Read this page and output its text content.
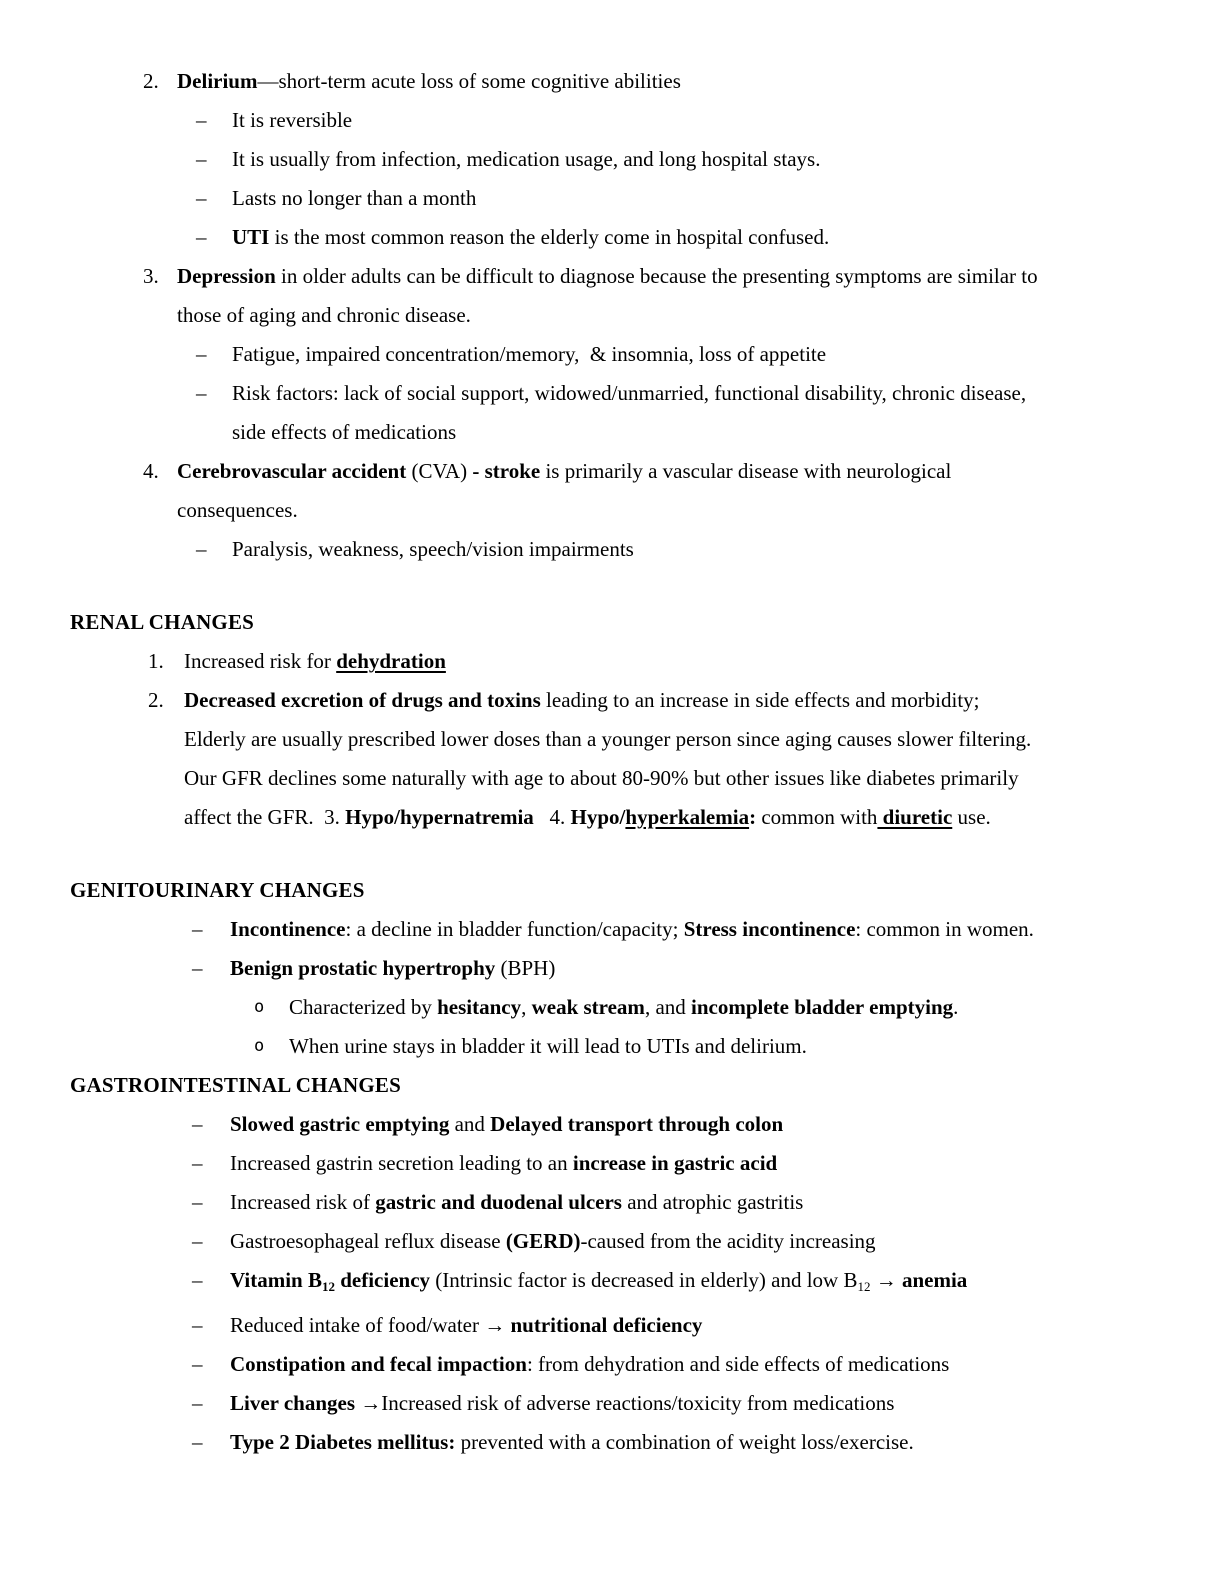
2. Delirium—short-term acute loss of some cognitive abilities
– It is reversible
– It is usually from infection, medication usage, and long hospital stays.
– Lasts no longer than a month
– UTI is the most common reason the elderly come in hospital confused.
3. Depression in older adults can be difficult to diagnose because the presenting symptoms are similar to
those of aging and chronic disease.
– Fatigue, impaired concentration/memory,  & insomnia, loss of appetite
– Risk factors: lack of social support, widowed/unmarried, functional disability, chronic disease,
side effects of medications
4. Cerebrovascular accident (CVA) - stroke is primarily a vascular disease with neurological
consequences.
– Paralysis, weakness, speech/vision impairments
RENAL CHANGES
1. Increased risk for dehydration
2. Decreased excretion of drugs and toxins leading to an increase in side effects and morbidity;
Elderly are usually prescribed lower doses than a younger person since aging causes slower filtering.
Our GFR declines some naturally with age to about 80-90% but other issues like diabetes primarily
affect the GFR.  3. Hypo/hypernatremia   4. Hypo/hyperkalemia: common with diuretic use.
GENITOURINARY CHANGES
– Incontinence: a decline in bladder function/capacity; Stress incontinence: common in women.
– Benign prostatic hypertrophy (BPH)
o Characterized by hesitancy, weak stream, and incomplete bladder emptying.
o When urine stays in bladder it will lead to UTIs and delirium.
GASTROINTESTINAL CHANGES
– Slowed gastric emptying and Delayed transport through colon
– Increased gastrin secretion leading to an increase in gastric acid
– Increased risk of gastric and duodenal ulcers and atrophic gastritis
– Gastroesophageal reflux disease (GERD)-caused from the acidity increasing
– Vitamin $B_{12}$ deficiency (Intrinsic factor is decreased in elderly) and low $B_{12}$ → anemia
– Reduced intake of food/water → nutritional deficiency
– Constipation and fecal impaction: from dehydration and side effects of medications
– Liver changes →Increased risk of adverse reactions/toxicity from medications
– Type 2 Diabetes mellitus: prevented with a combination of weight loss/exercise.
